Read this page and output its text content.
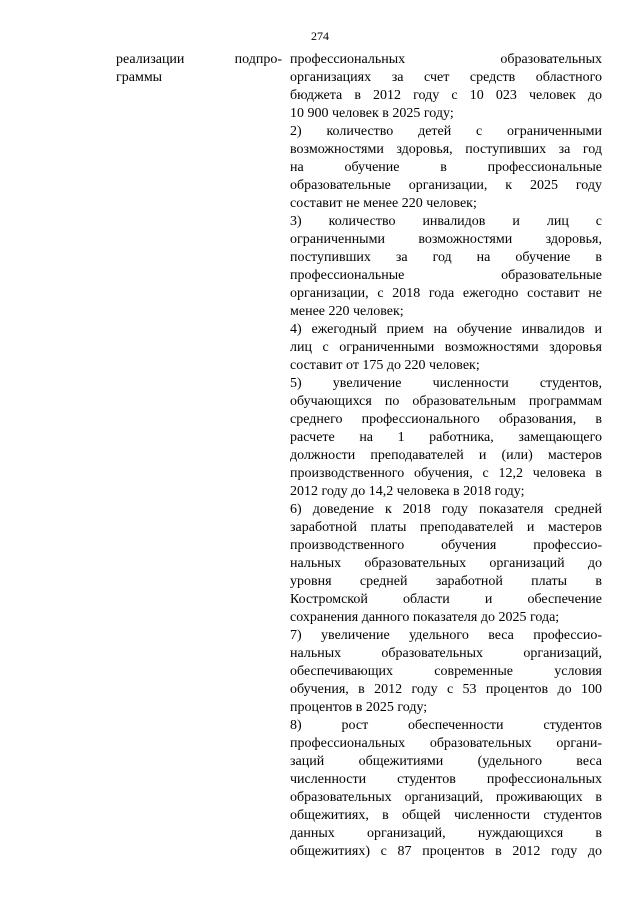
274
реализации	подпро-
граммы
профессиональных образовательных
организациях за счет средств областного
бюджета в 2012 году с 10 023 человек до
10 900 человек в 2025 году;
2) количество детей с ограниченными
возможностями здоровья, поступивших за год
на обучение в профессиональные
образовательные организации, к 2025 году
составит не менее 220 человек;
3) количество инвалидов и лиц с
ограниченными возможностями здоровья,
поступивших за год на обучение в
профессиональные образовательные
организации, с 2018 года ежегодно составит не
менее 220 человек;
4) ежегодный прием на обучение инвалидов и
лиц с ограниченными возможностями здоровья
составит от 175 до 220 человек;
5) увеличение численности студентов,
обучающихся по образовательным программам
среднего профессионального образования, в
расчете на 1 работника, замещающего
должности преподавателей и (или) мастеров
производственного обучения, с 12,2 человека в
2012 году до 14,2 человека в 2018 году;
6) доведение к 2018 году показателя средней
заработной платы преподавателей и мастеров
производственного обучения профессио-
нальных образовательных организаций до
уровня средней заработной платы в
Костромской области и обеспечение
сохранения данного показателя до 2025 года;
7) увеличение удельного веса профессио-
нальных образовательных организаций,
обеспечивающих современные условия
обучения, в 2012 году с 53 процентов до 100
процентов в 2025 году;
8) рост обеспеченности студентов
профессиональных образовательных органи-
заций общежитиями (удельного веса
численности студентов профессиональных
образовательных организаций, проживающих в
общежитиях, в общей численности студентов
данных организаций, нуждающихся в
общежитиях) с 87 процентов в 2012 году до
